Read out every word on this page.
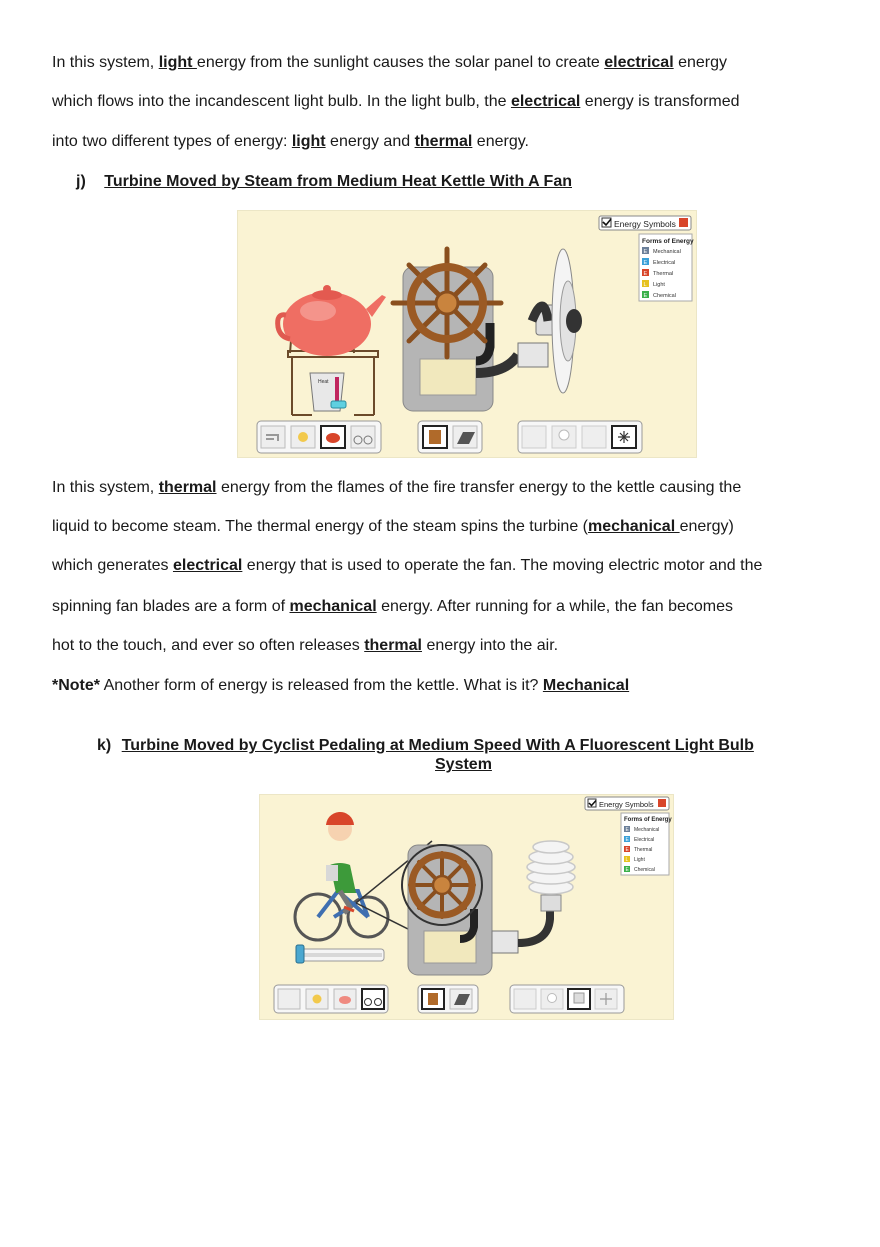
In this system, light energy from the sunlight causes the solar panel to create electrical energy
which flows into the incandescent light bulb. In the light bulb, the electrical energy is transformed
into two different types of energy: light energy and thermal energy.
j) Turbine Moved by Steam from Medium Heat Kettle With A Fan
Energy Symbols
Forms of Energy
E Mechanical
E Electrical
E Thermal
L Light
E Chemical
Heat
In this system, thermal energy from the flames of the fire transfer energy to the kettle causing the
liquid to become steam. The thermal energy of the steam spins the turbine (mechanical energy)
which generates electrical energy that is used to operate the fan. The moving electric motor and the
spinning fan blades are a form of mechanical energy. After running for a while, the fan becomes
hot to the touch, and ever so often releases thermal energy into the air.
*Note* Another form of energy is released from the kettle. What is it? Mechanical
k) Turbine Moved by Cyclist Pedaling at Medium Speed With A Fluorescent Light Bulb
System
Energy Symbols
Forms of Energy
E Mechanical
E Electrical
E Thermal
L Light
E Chemical
